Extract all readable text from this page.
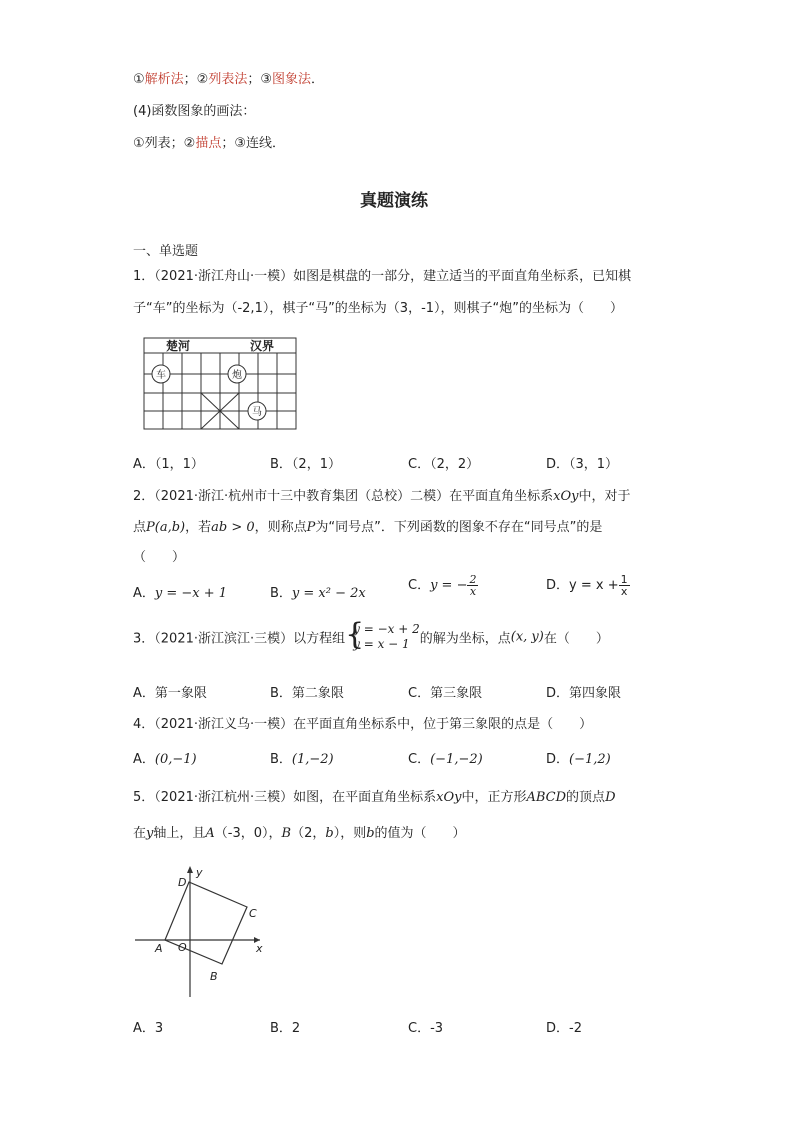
①解析法；②列表法；③图象法．
(4)函数图象的画法：
①列表；②描点；③连线．
真题演练
一、单选题
1．（2021·浙江舟山·一模）如图是棋盘的一部分，建立适当的平面直角坐标系，已知棋
子“车”的坐标为（-2,1），棋子“马”的坐标为（3，-1），则棋子“炮”的坐标为（　　）
楚河	汉界
车	炮
马
A．（1，1）	B．（2，1）	C．（2，2）	D．（3，1）
2．（2021·浙江·杭州市十三中教育集团（总校）二模）在平面直角坐标系xOy中，对于
点P(a,b)，若ab > 0，则称点P为“同号点”．下列函数的图象不存在“同号点”的是
（　　）
A．y = −x + 1	B．y = x² − 2x
C．y = − $\frac{2}{x}$	D．$y = x + \frac{1}{x}$
3．（2021·浙江滨江·三模）以方程组 {
y = −x + 2
y = x − 1 的解为坐标，点(x, y)在（　　）
A．第一象限	B．第二象限	C．第三象限	D．第四象限
4．（2021·浙江义乌·一模）在平面直角坐标系中，位于第三象限的点是（　　）
A．(0,−1)	B．(1,−2)	C．(−1,−2)	D．(−1,2)
5．（2021·浙江杭州·三模）如图，在平面直角坐标系xOy中，正方形ABCD的顶点D
在y轴上，且A（-3，0），B（2，b），则b的值为（　　）
D
C
A O
B
x
y
A．3	B．2	C．-3	D．-2
